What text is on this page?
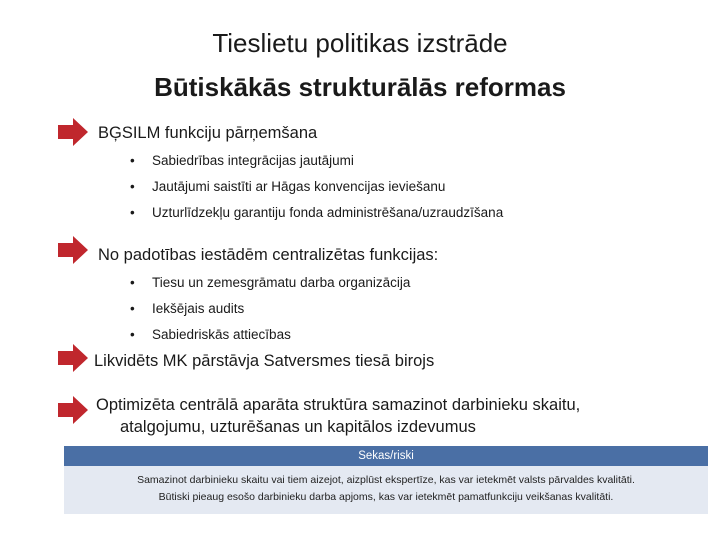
Tieslietu politikas izstrāde
Būtiskākās strukturālās reformas
BĢSILM funkciju pārņemšana
• Sabiedrības integrācijas jautājumi
• Jautājumi saistīti ar Hāgas konvencijas ieviešanu
• Uzturlīdzekļu garantiju fonda administrēšana/uzraudzīšana
No padotības iestādēm centralizētas funkcijas:
• Tiesu un zemesgrāmatu darba organizācija
• Iekšējais audits
• Sabiedriskās attiecības
Likvidēts MK pārstāvja Satversmes tiesā birojs
Optimizēta centrālā aparāta struktūra samazinot darbinieku skaitu,
atalgojumu, uzturēšanas un kapitālos izdevumus
Sekas/riski
Samazinot darbinieku skaitu vai tiem aizejot, aizplūst ekspertīze, kas var ietekmēt valsts pārvaldes kvalitāti.
Būtiski pieaug esošo darbinieku darba apjoms, kas var ietekmēt pamatfunkciju veikšanas kvalitāti.
